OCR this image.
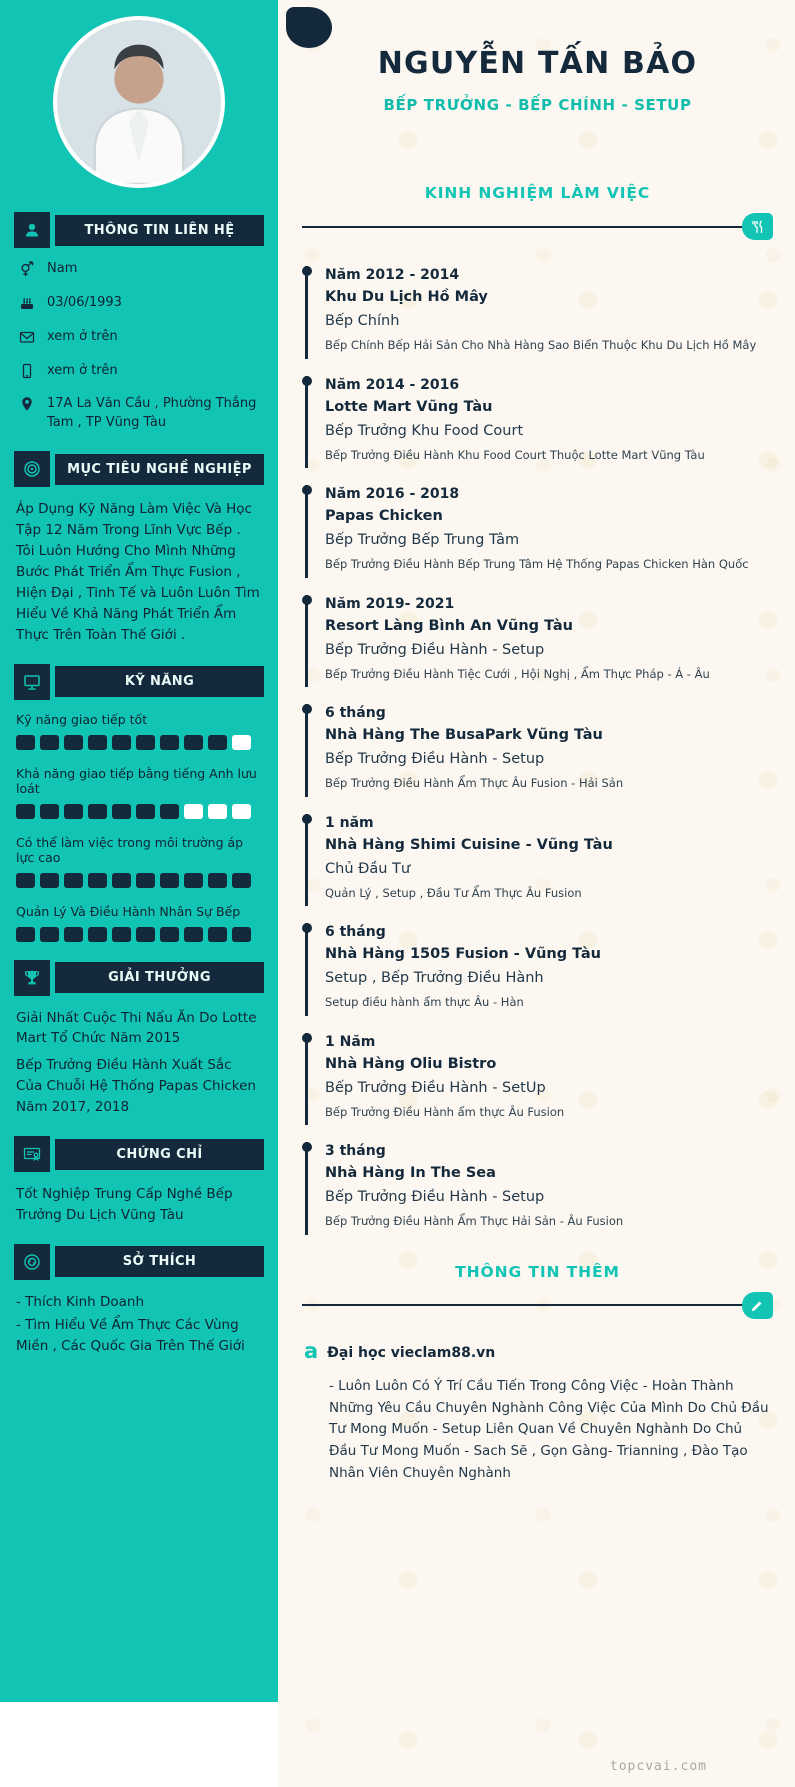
THÔNG TIN LIÊN HỆ
Nam
03/06/1993
xem ở trên
xem ở trên
17A La Văn Cầu , Phường Thắng Tam , TP Vũng Tàu
MỤC TIÊU NGHỀ NGHIỆP

Áp Dụng Kỹ Năng Làm Việc Và Học Tập 12 Năm Trong Lĩnh Vực Bếp . Tôi Luôn Hướng Cho Mình Những Bước Phát Triển Ẩm Thực Fusion , Hiện Đại , Tinh Tế và Luôn Luôn Tìm Hiểu Về Khả Năng Phát Triển Ẩm Thực Trên Toàn Thế Giới .

KỸ NĂNG
Kỹ năng giao tiếp tốt
Khả năng giao tiếp bằng tiếng Anh lưu loát
Có thể làm việc trong môi trường áp lực cao
Quản Lý Và Điều Hành Nhân Sự Bếp
GIẢI THƯỞNG

Giải Nhất Cuộc Thi Nấu Ăn Do Lotte Mart Tổ Chức Năm 2015

Bếp Trưởng Điều Hành Xuất Sắc Của Chuỗi Hệ Thống Papas Chicken Năm 2017, 2018

CHỨNG CHỈ

Tốt Nghiệp Trung Cấp Nghề Bếp Trưởng Du Lịch Vũng Tàu

SỞ THÍCH

- Thích Kinh Doanh

- Tìm Hiểu Về Ẩm Thực Các Vùng Miền , Các Quốc Gia Trên Thế Giới

NGUYỄN TẤN BẢO
BẾP TRƯỞNG - BẾP CHÍNH - SETUP
KINH NGHIỆM LÀM VIỆC
Năm 2012 - 2014
Khu Du Lịch Hồ Mây
Bếp Chính
Bếp Chính Bếp Hải Sản Cho Nhà Hàng Sao Biển Thuộc Khu Du Lịch Hồ Mây
Năm 2014 - 2016
Lotte Mart Vũng Tàu
Bếp Trưởng Khu Food Court
Bếp Trưởng Điều Hành Khu Food Court Thuộc Lotte Mart Vũng Tàu
Năm 2016 - 2018
Papas Chicken
Bếp Trưởng Bếp Trung Tâm
Bếp Trưởng Điều Hành Bếp Trung Tâm Hệ Thống Papas Chicken Hàn Quốc
Năm 2019- 2021
Resort Làng Bình An Vũng Tàu
Bếp Trưởng Điều Hành - Setup
Bếp Trưởng Điều Hành Tiệc Cưới , Hội Nghị , Ẩm Thực Pháp - Á - Âu
6 tháng
Nhà Hàng The BusaPark Vũng Tàu
Bếp Trưởng Điều Hành - Setup
Bếp Trưởng Điều Hành Ẩm Thực Âu Fusion - Hải Sản
1 năm
Nhà Hàng Shimi Cuisine - Vũng Tàu
Chủ Đầu Tư
Quản Lý , Setup , Đầu Tư Ẩm Thực Âu Fusion
6 tháng
Nhà Hàng 1505 Fusion - Vũng Tàu
Setup , Bếp Trưởng Điều Hành
Setup điều hành ẩm thực Âu - Hàn
1 Năm
Nhà Hàng Oliu Bistro
Bếp Trưởng Điều Hành - SetUp
Bếp Trưởng Điều Hành ẩm thực Âu Fusion
3 tháng
Nhà Hàng In The Sea
Bếp Trưởng Điều Hành - Setup
Bếp Trưởng Điều Hành Ẩm Thực Hải Sản - Âu Fusion
THÔNG TIN THÊM
a Đại học vieclam88.vn

- Luôn Luôn Có Ý Trí Cầu Tiến Trong Công Việc - Hoàn Thành Những Yêu Cầu Chuyên Nghành Công Việc Của Mình Do Chủ Đầu Tư Mong Muốn - Setup Liên Quan Về Chuyên Nghành Do Chủ Đầu Tư Mong Muốn - Sach Sẽ , Gọn Gàng- Trianning , Đào Tạo Nhân Viên Chuyên Nghành

topcvai.com
